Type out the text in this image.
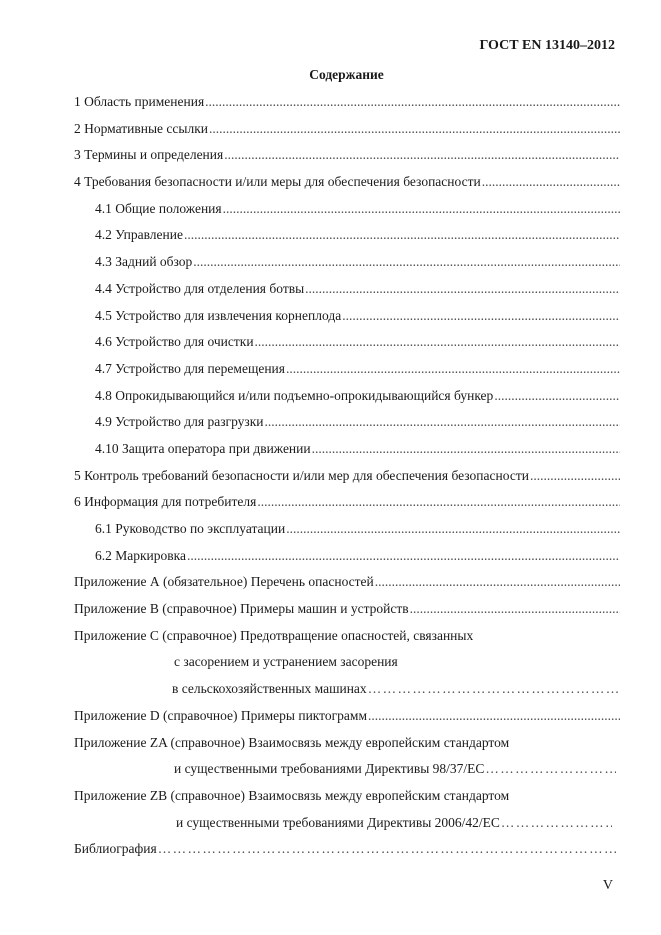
ГОСТ EN 13140–2012
Содержание
1 Область применения
.....
2 Нормативные ссылки
.....
3 Термины и определения
.....
4 Требования безопасности и/или меры для обеспечения безопасности
.....
4.1 Общие положения
.....
4.2 Управление
.....
4.3 Задний обзор
.....
4.4 Устройство для отделения ботвы
.....
4.5 Устройство для извлечения корнеплода
.....
4.6 Устройство для очистки
.....
4.7 Устройство для перемещения
.....
4.8 Опрокидывающийся и/или подъемно-опрокидывающийся бункер
.....
4.9 Устройство для разгрузки
.....
4.10 Защита оператора при движении
.....
5 Контроль требований безопасности и/или мер для обеспечения безопасности
.....
6 Информация для потребителя
.....
6.1 Руководство по эксплуатации
.....
6.2 Маркировка
.....
Приложение А (обязательное) Перечень опасностей
.....
Приложение В (справочное) Примеры машин и устройств
.....
Приложение С (справочное) Предотвращение опасностей, связанных
с засорением и устранением засорения
в сельскохозяйственных машинах
… … … … … … … … … … … … … … … … … … … … … … … … … … … … … … … … … … … … … … … … … … … … … … … … …
Приложение D (справочное) Примеры пиктограмм
.....
Приложение ZA (справочное) Взаимосвязь между европейским стандартом
и существенными требованиями Директивы 98/37/ЕС
… … … … … … … … … … … … … … … … … … … … … … … … … … … … … … … … … … … … … … … … … … … … … … … … …
Приложение ZB (справочное) Взаимосвязь между европейским стандартом
и существенными требованиями Директивы 2006/42/ЕС
… … … … … … … … … … … … … … … … … … … … … … … … … … … … … … … … … … … … … … … … … … … … … … … … …
Библиография
… … … … … … … … … … … … … … … … … … … … … … … … … … … … … … … … … … … … … … … … … … … … … … … … …
V
